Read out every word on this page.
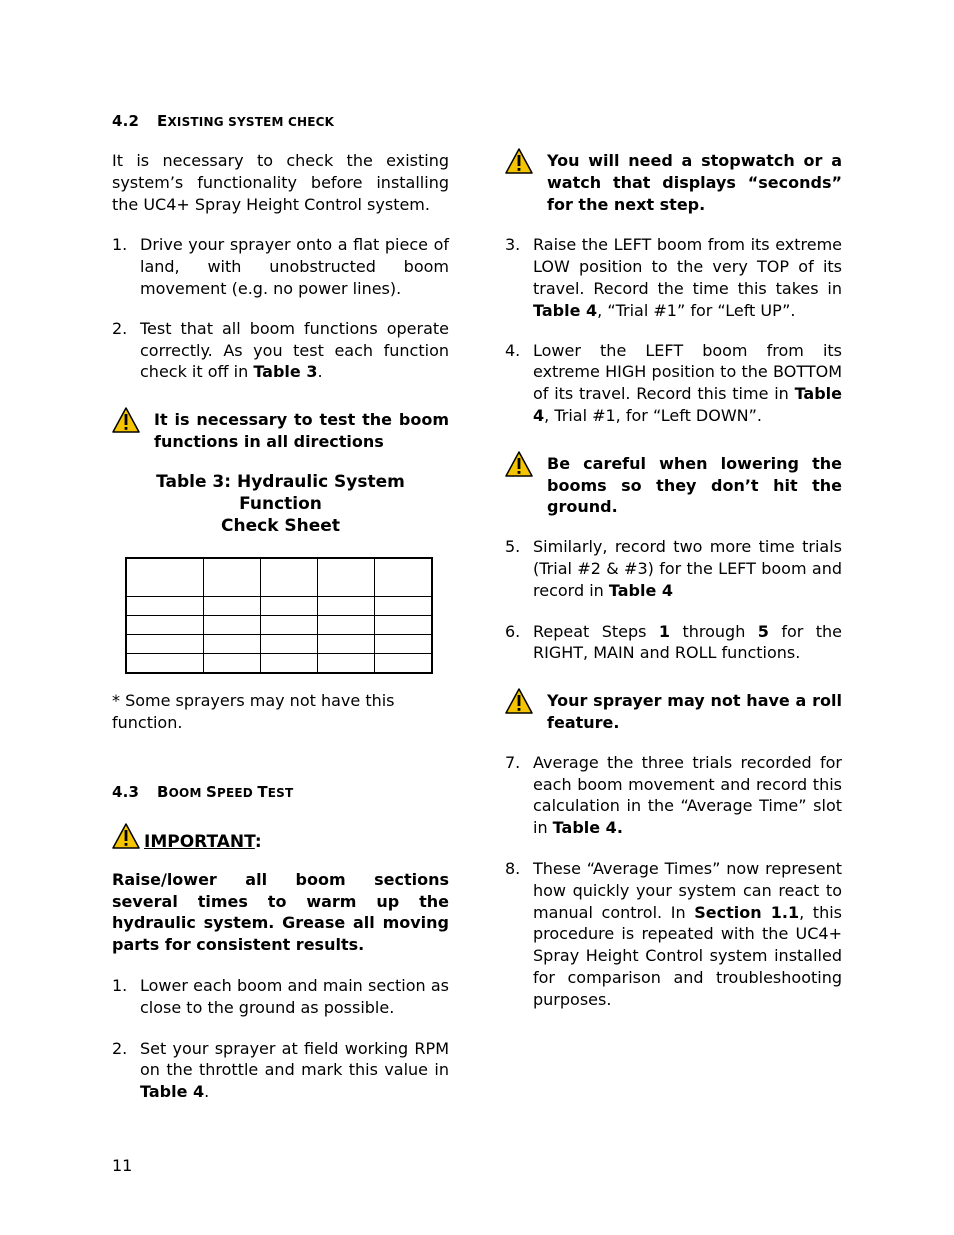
4.2 EXISTING SYSTEM CHECK

It is necessary to check the existing system’s functionality before installing the UC4+ Spray Height Control system.

1. Drive your sprayer onto a flat piece of land, with unobstructed boom movement (e.g. no power lines).
2. Test that all boom functions operate correctly. As you test each function check it off in Table 3.
It is necessary to test the boom functions in all directions
Table 3: Hydraulic System Function
Check Sheet

* Some sprayers may not have this function.
4.3 BOOM SPEED TEST
IMPORTANT:
Raise/lower all boom sections several times to warm up the hydraulic system. Grease all moving parts for consistent results.
1. Lower each boom and main section as close to the ground as possible.
2. Set your sprayer at field working RPM on the throttle and mark this value in Table 4.
You will need a stopwatch or a watch that displays “seconds” for the next step.
3. Raise the LEFT boom from its extreme LOW position to the very TOP of its travel. Record the time this takes in Table 4, “Trial #1” for “Left UP”.
4. Lower the LEFT boom from its extreme HIGH position to the BOTTOM of its travel. Record this time in Table 4, Trial #1, for “Left DOWN”.
Be careful when lowering the booms so they don’t hit the ground.
5. Similarly, record two more time trials (Trial #2 & #3) for the LEFT boom and record in Table 4
6. Repeat Steps 1 through 5 for the RIGHT, MAIN and ROLL functions.
Your sprayer may not have a roll feature.
7. Average the three trials recorded for each boom movement and record this calculation in the “Average Time” slot in Table 4.
8. These “Average Times” now represent how quickly your system can react to manual control. In Section 1.1, this procedure is repeated with the UC4+ Spray Height Control system installed for comparison and troubleshooting purposes.
11
